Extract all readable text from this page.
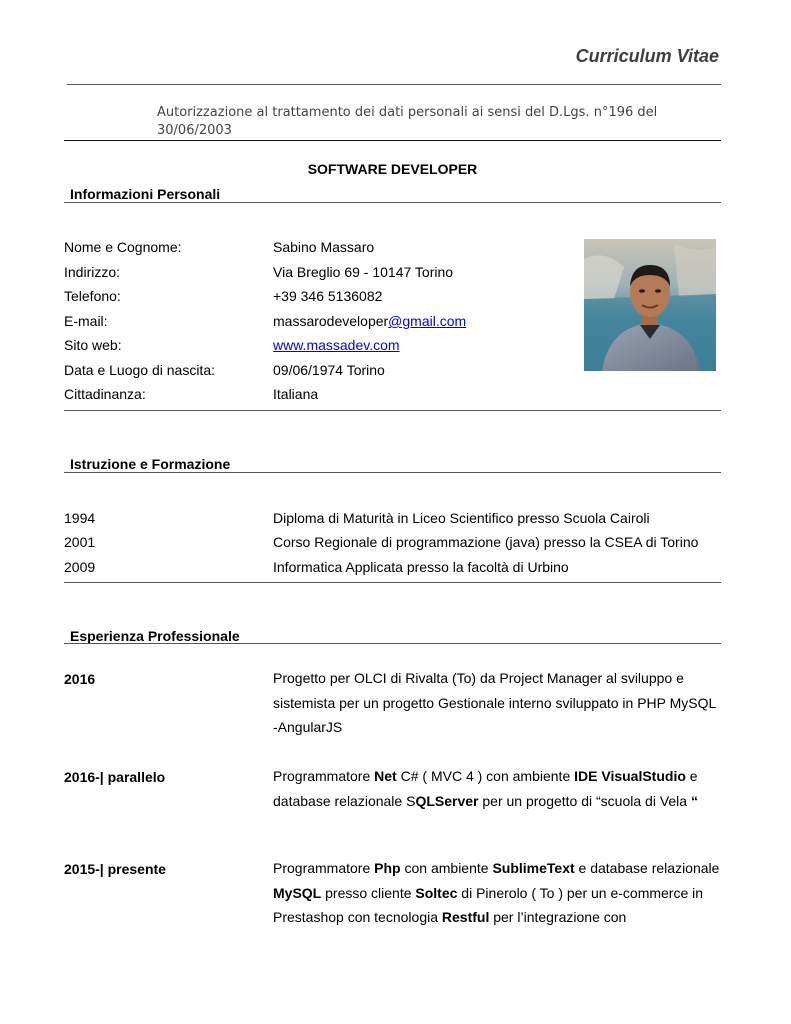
Curriculum Vitae
Autorizzazione al trattamento dei dati personali ai sensi del D.Lgs. n°196 del 30/06/2003
SOFTWARE DEVELOPER
Informazioni Personali
Nome e Cognome:	Sabino Massaro
Indirizzo:	Via Breglio 69 - 10147 Torino
Telefono:	+39 346 5136082
E-mail:	massarodeveloper@gmail.com
Sito web:	www.massadev.com
Data e Luogo di nascita:	09/06/1974 Torino
Cittadinanza:	Italiana
Istruzione e Formazione
1994	Diploma di Maturità in Liceo Scientifico presso Scuola Cairoli
2001	Corso Regionale di programmazione (java) presso la CSEA di Torino
2009	Informatica Applicata presso la facoltà di Urbino
Esperienza Professionale
2016	Progetto per OLCI di Rivalta (To) da Project Manager al sviluppo e sistemista per un progetto Gestionale interno sviluppato in PHP MySQL -AngularJS
2016-| parallelo	Programmatore Net C# ( MVC 4 ) con ambiente IDE VisualStudio e database relazionale SQLServer per un progetto di “scuola di Vela “
2015-| presente	Programmatore Php con ambiente SublimeText e database relazionale MySQL presso cliente Soltec di Pinerolo ( To ) per un e-commerce in Prestashop con tecnologia Restful per l’integrazione con
